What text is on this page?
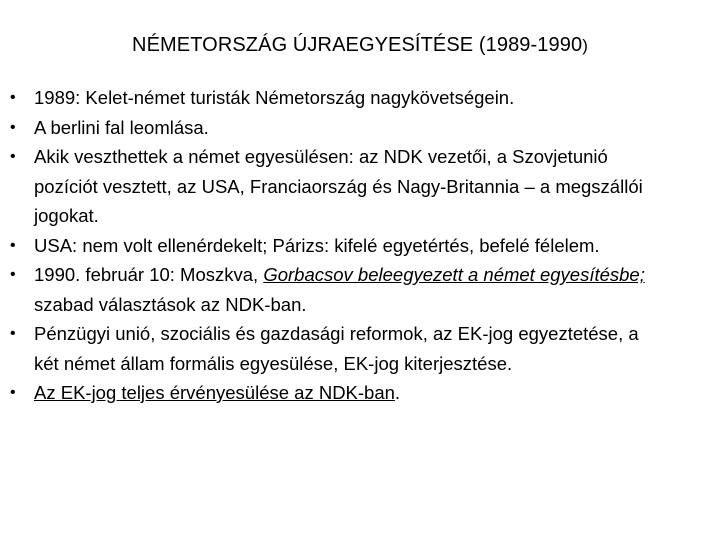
NÉMETORSZÁG ÚJRAEGYESÍTÉSE (1989-1990)
• 1989: Kelet-német turisták Németország nagykövetségein.
• A berlini fal leomlása.
• Akik veszthettek a német egyesülésen: az NDK vezetői, a Szovjetunió pozíciót vesztett, az USA, Franciaország és Nagy-Britannia – a megszállói jogokat.
• USA: nem volt ellenérdekelt; Párizs: kifelé egyetértés, befelé félelem.
• 1990. február 10: Moszkva, Gorbacsov beleegyezett a német egyesítésbe; szabad választások az NDK-ban.
• Pénzügyi unió, szociális és gazdasági reformok, az EK-jog egyeztetése, a két német állam formális egyesülése, EK-jog kiterjesztése.
• Az EK-jog teljes érvényesülése az NDK-ban.
